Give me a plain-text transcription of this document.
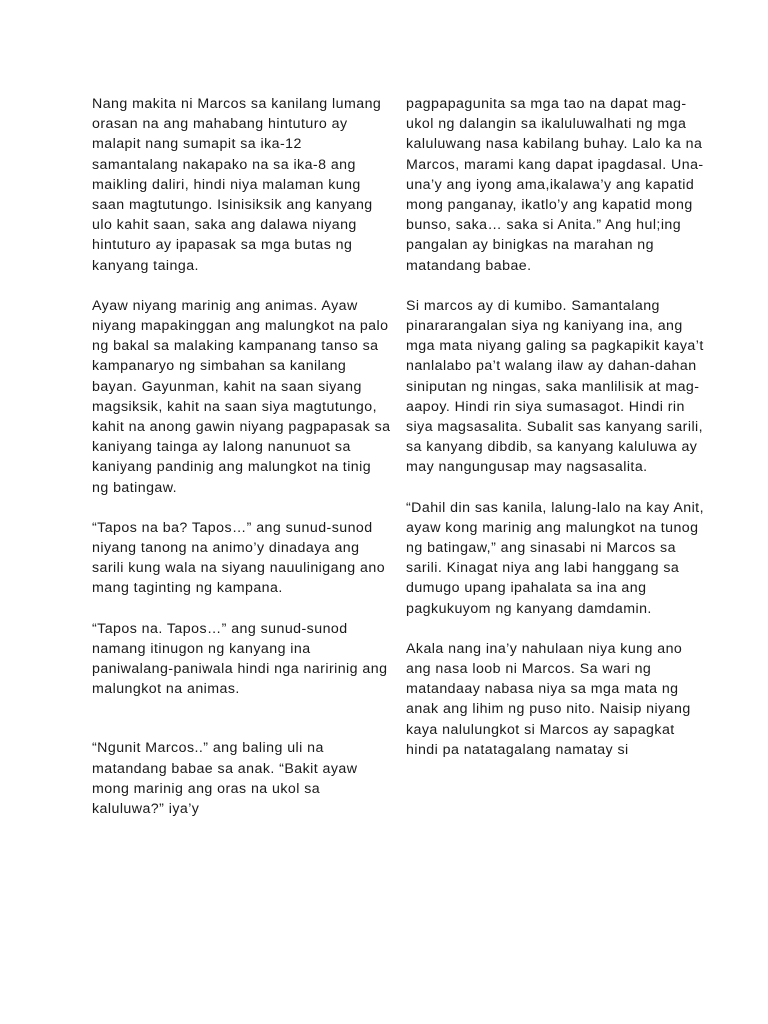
Nang makita ni Marcos sa kanilang lumang orasan na ang mahabang hintuturo ay malapit nang sumapit sa ika-12 samantalang nakapako na sa ika-8 ang maikling daliri, hindi niya malaman kung saan magtutungo. Isinisiksik ang kanyang ulo kahit saan, saka ang dalawa niyang hintuturo ay ipapasak sa mga butas ng kanyang tainga.

Ayaw niyang marinig ang animas. Ayaw niyang mapakinggan ang malungkot na palo ng bakal sa malaking kampanang tanso sa kampanaryo ng simbahan sa kanilang bayan. Gayunman, kahit na saan siyang magsiksik, kahit na saan siya magtutungo, kahit na anong gawin niyang pagpapasak sa kaniyang tainga ay lalong nanunuot sa kaniyang pandinig ang malungkot na tinig ng batingaw.

“Tapos na ba? Tapos…” ang sunud-sunod niyang tanong na animo’y dinadaya ang sarili kung wala na siyang nauulinigang ano mang taginting ng kampana.

“Tapos na. Tapos…” ang sunud-sunod namang itinugon ng kanyang ina paniwalang-paniwala hindi nga naririnig ang malungkot na animas.

“Ngunit Marcos..” ang baling uli na matandang babae sa anak. “Bakit ayaw mong marinig ang oras na ukol sa kaluluwa?” iya’y

pagpapagunita sa mga tao na dapat mag-ukol ng dalangin sa ikaluluwalhati ng mga kaluluwang nasa kabilang buhay. Lalo ka na Marcos, marami kang dapat ipagdasal. Una-una’y ang iyong ama,ikalawa’y ang kapatid mong panganay, ikatlo’y ang kapatid mong bunso, saka… saka si Anita.” Ang hul;ing pangalan ay binigkas na marahan ng matandang babae.

Si marcos ay di kumibo. Samantalang pinararangalan siya ng kaniyang ina, ang mga mata niyang galing sa pagkapikit kaya’t nanlalabo pa’t walang ilaw ay dahan-dahan siniputan ng ningas, saka manlilisik at mag-aapoy. Hindi rin siya sumasagot. Hindi rin siya magsasalita. Subalit sas kanyang sarili, sa kanyang dibdib, sa kanyang kaluluwa ay may nangungusap may nagsasalita.

“Dahil din sas kanila, lalung-lalo na kay Anit, ayaw kong marinig ang malungkot na tunog ng batingaw,” ang sinasabi ni Marcos sa sarili. Kinagat niya ang labi hanggang sa dumugo upang ipahalata sa ina ang pagkukuyom ng kanyang damdamin.

Akala nang ina’y nahulaan niya kung ano ang nasa loob ni Marcos. Sa wari ng matandaay nabasa niya sa mga mata ng anak ang lihim ng puso nito. Naisip niyang kaya nalulungkot si Marcos ay sapagkat hindi pa natatagalang namatay si
